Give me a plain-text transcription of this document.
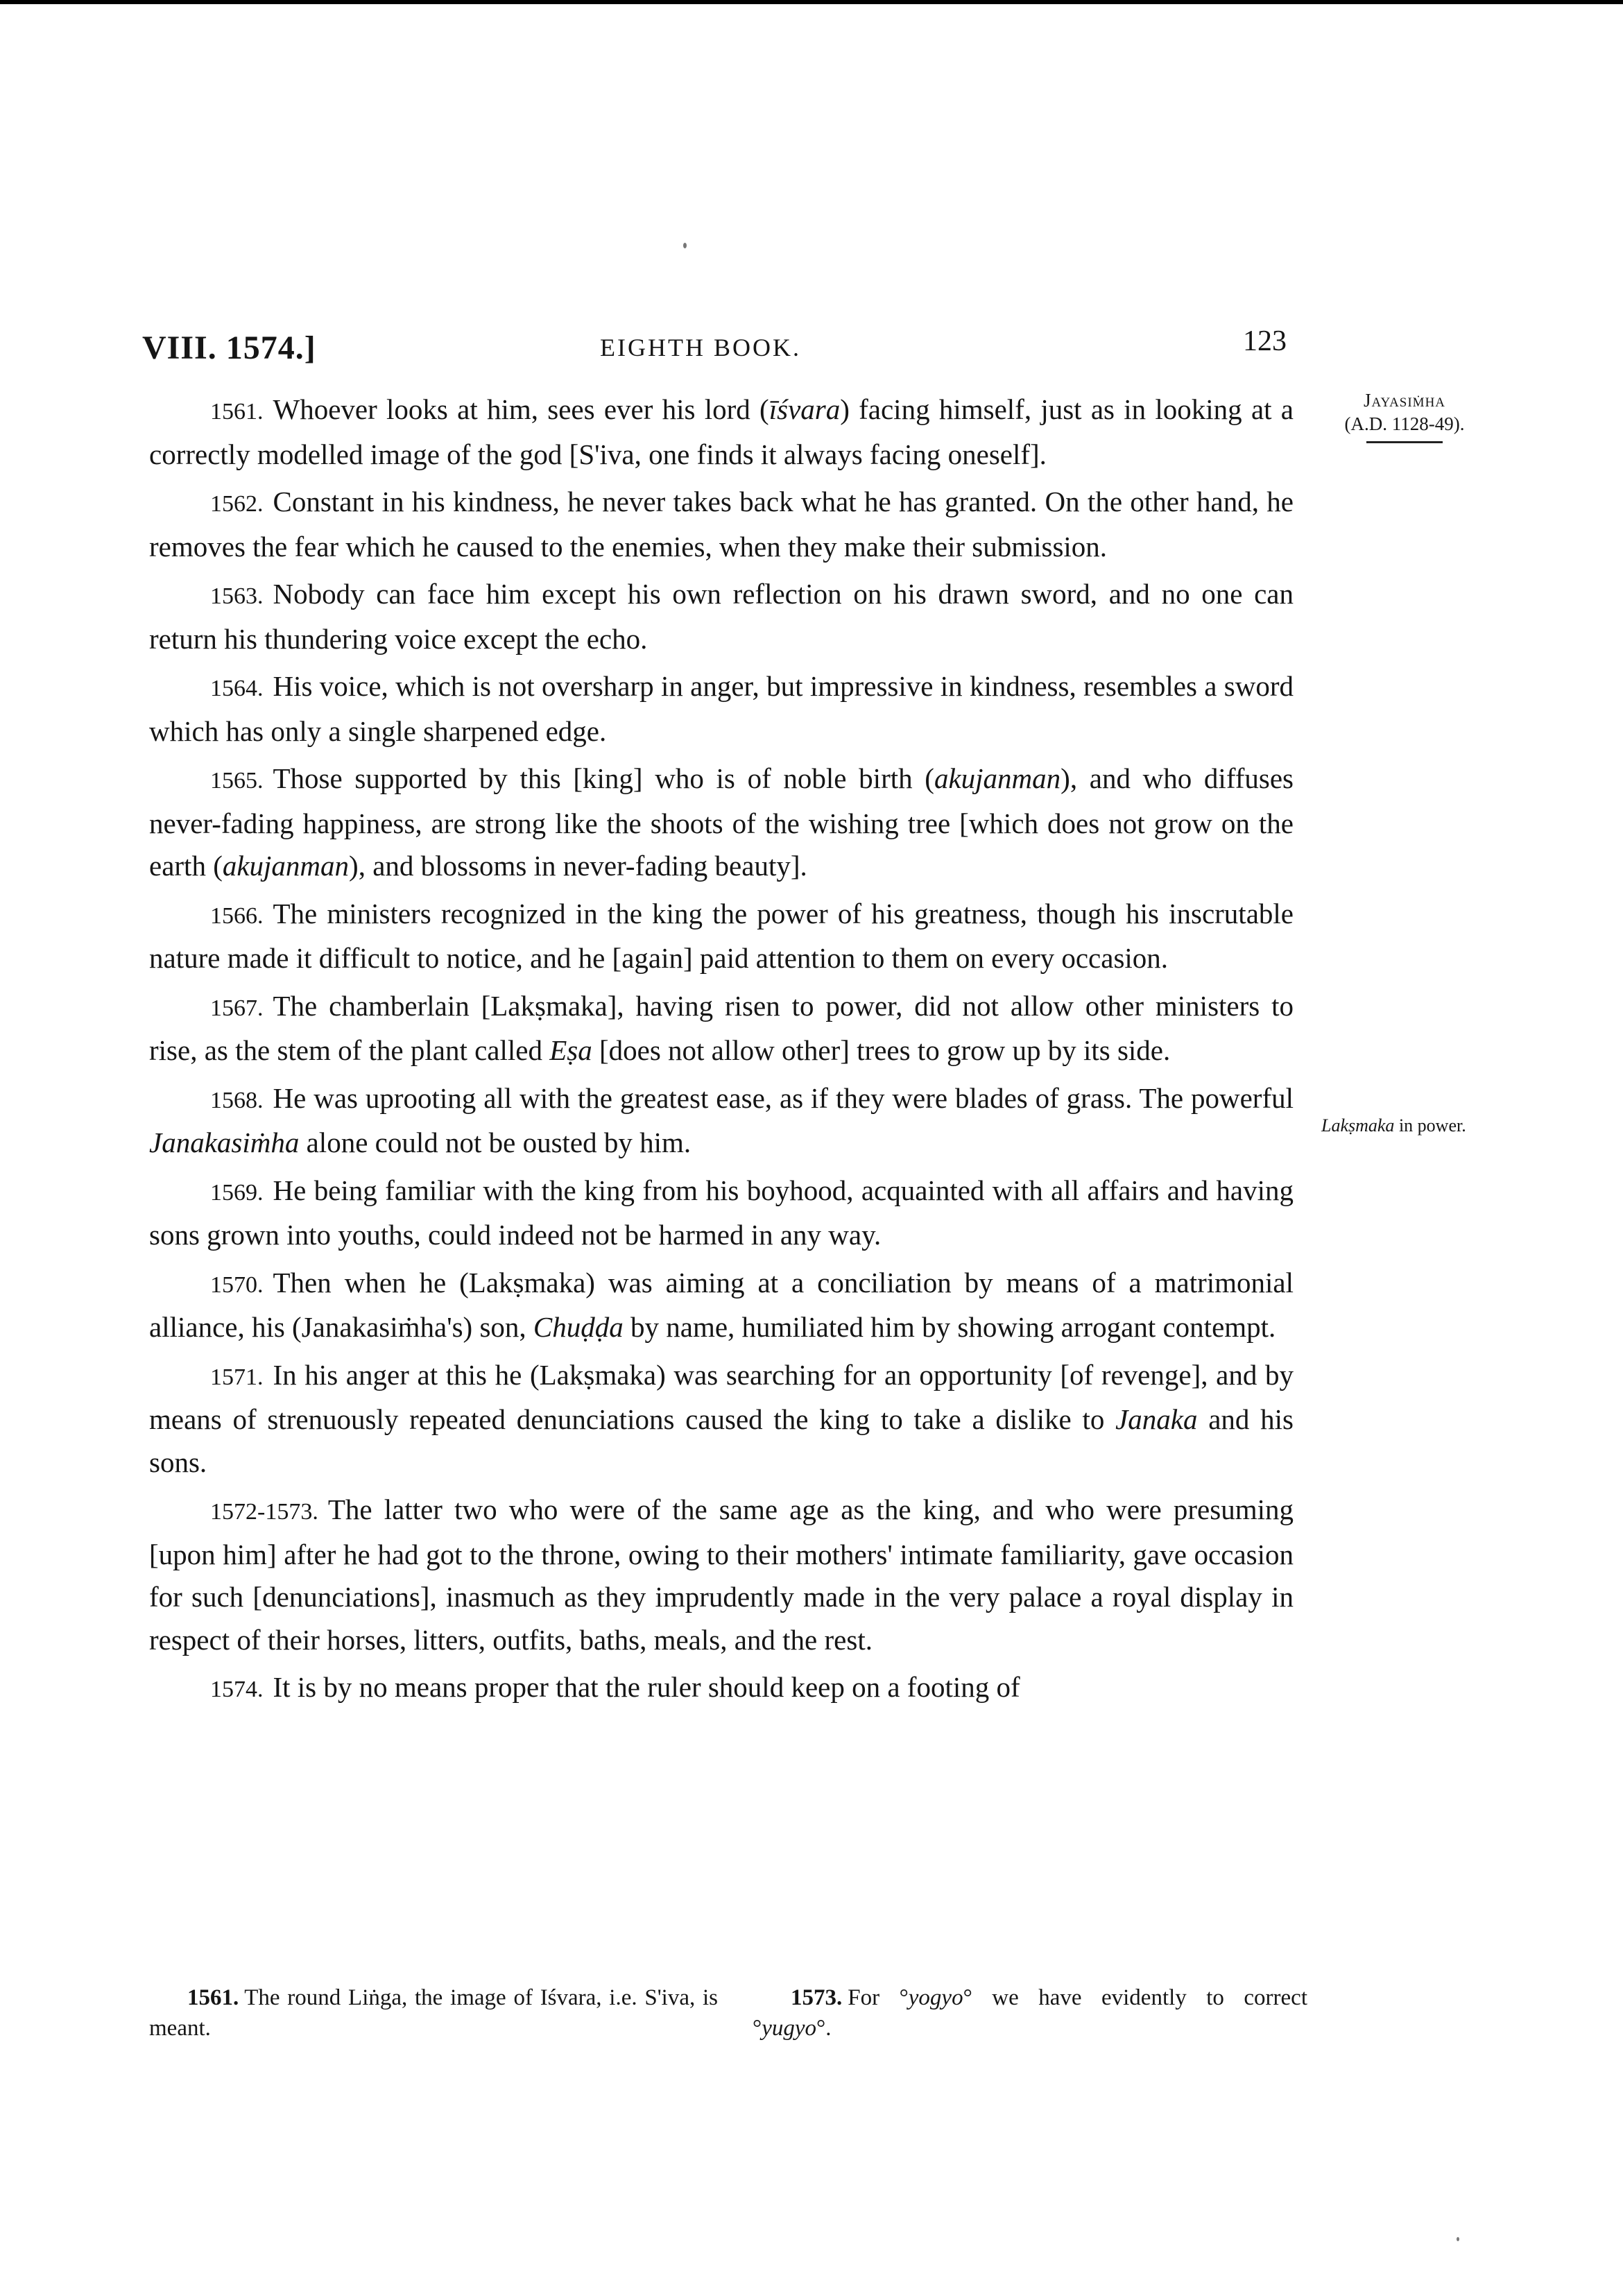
VIII. 1574.]	EIGHTH BOOK.	123
Jayasiṁha
(A.D. 1128-49).
Lakṣmaka in power.

1561. Whoever looks at him, sees ever his lord (īśvara) facing himself, just as in looking at a correctly modelled image of the god [S'iva, one finds it always facing oneself].

1562. Constant in his kindness, he never takes back what he has granted. On the other hand, he removes the fear which he caused to the enemies, when they make their submission.

1563. Nobody can face him except his own reflection on his drawn sword, and no one can return his thundering voice except the echo.

1564. His voice, which is not oversharp in anger, but impressive in kindness, resembles a sword which has only a single sharpened edge.

1565. Those supported by this [king] who is of noble birth (akujanman), and who diffuses never-fading happiness, are strong like the shoots of the wishing tree [which does not grow on the earth (akujanman), and blossoms in never-fading beauty].

1566. The ministers recognized in the king the power of his greatness, though his inscrutable nature made it difficult to notice, and he [again] paid attention to them on every occasion.

1567. The chamberlain [Lakṣmaka], having risen to power, did not allow other ministers to rise, as the stem of the plant called Eṣa [does not allow other] trees to grow up by its side.

1568. He was uprooting all with the greatest ease, as if they were blades of grass. The powerful Janakasiṁha alone could not be ousted by him.

1569. He being familiar with the king from his boyhood, acquainted with all affairs and having sons grown into youths, could indeed not be harmed in any way.

1570. Then when he (Lakṣmaka) was aiming at a conciliation by means of a matrimonial alliance, his (Janakasiṁha's) son, Chuḍḍa by name, humiliated him by showing arrogant contempt.

1571. In his anger at this he (Lakṣmaka) was searching for an opportunity [of revenge], and by means of strenuously repeated denunciations caused the king to take a dislike to Janaka and his sons.

1572-1573. The latter two who were of the same age as the king, and who were presuming [upon him] after he had got to the throne, owing to their mothers' intimate familiarity, gave occasion for such [denunciations], inasmuch as they imprudently made in the very palace a royal display in respect of their horses, litters, outfits, baths, meals, and the rest.

1574. It is by no means proper that the ruler should keep on a footing of

1561. The round Liṅga, the image of Iśvara, i.e. S'iva, is meant.
1573. For °yogyo° we have evidently to correct °yugyo°.
